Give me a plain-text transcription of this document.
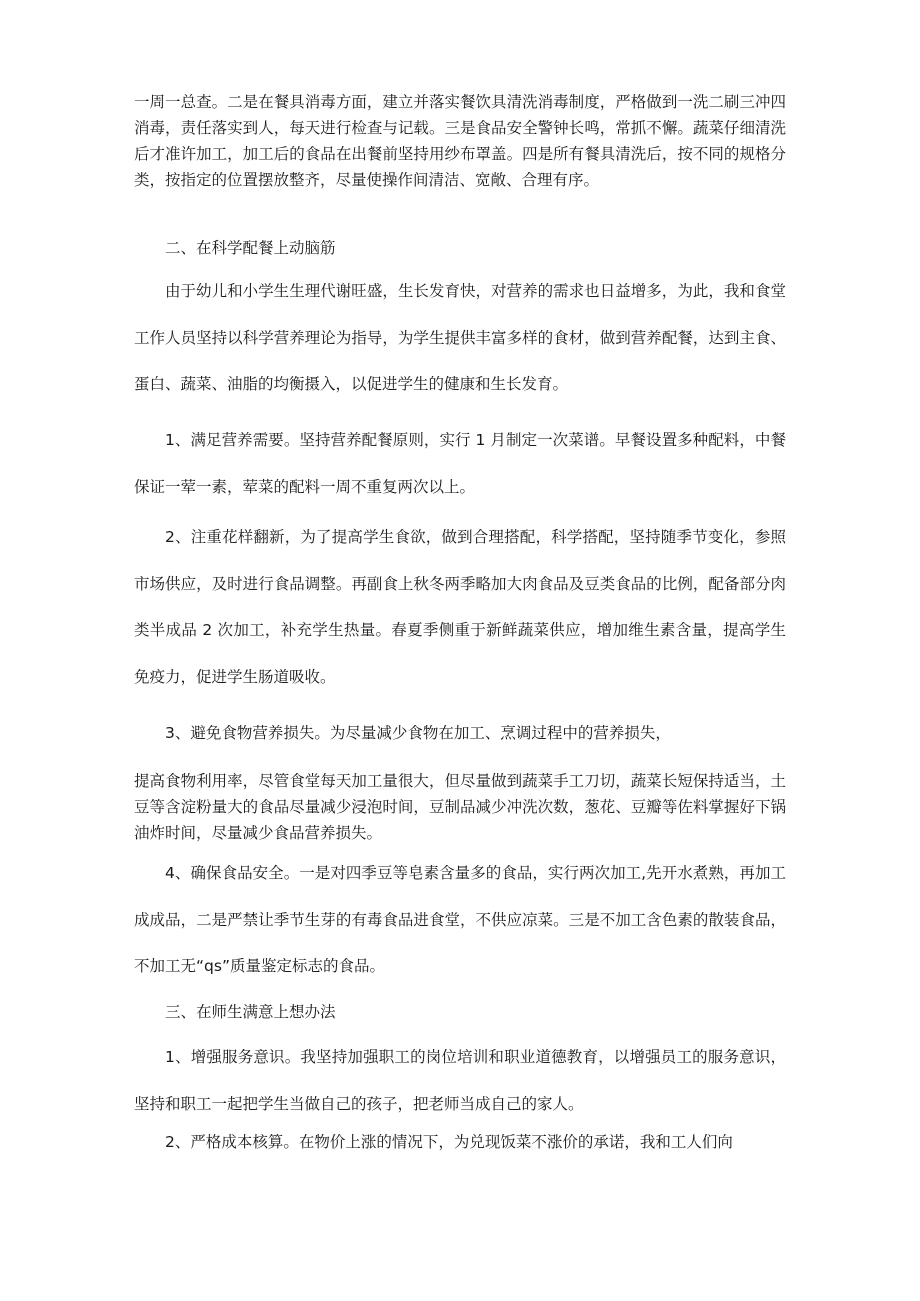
一周一总查。二是在餐具消毒方面，建立并落实餐饮具清洗消毒制度，严格做到一洗二刷三冲四消毒，责任落实到人，每天进行检查与记载。三是食品安全警钟长鸣，常抓不懈。蔬菜仔细清洗后才准许加工，加工后的食品在出餐前坚持用纱布罩盖。四是所有餐具清洗后，按不同的规格分类，按指定的位置摆放整齐，尽量使操作间清洁、宽敞、合理有序。

二、在科学配餐上动脑筋

由于幼儿和小学生生理代谢旺盛，生长发育快，对营养的需求也日益增多，为此，我和食堂工作人员坚持以科学营养理论为指导，为学生提供丰富多样的食材，做到营养配餐，达到主食、蛋白、蔬菜、油脂的均衡摄入，以促进学生的健康和生长发育。

1、满足营养需要。坚持营养配餐原则，实行 1 月制定一次菜谱。早餐设置多种配料，中餐保证一荤一素，荤菜的配料一周不重复两次以上。

2、注重花样翻新，为了提高学生食欲，做到合理搭配，科学搭配，坚持随季节变化，参照市场供应，及时进行食品调整。再副食上秋冬两季略加大肉食品及豆类食品的比例，配备部分肉类半成品 2 次加工，补充学生热量。春夏季侧重于新鲜蔬菜供应，增加维生素含量，提高学生免疫力，促进学生肠道吸收。

3、避免食物营养损失。为尽量减少食物在加工、烹调过程中的营养损失，

提高食物利用率，尽管食堂每天加工量很大，但尽量做到蔬菜手工刀切，蔬菜长短保持适当，土豆等含淀粉量大的食品尽量减少浸泡时间，豆制品减少冲洗次数，葱花、豆瓣等佐料掌握好下锅油炸时间，尽量减少食品营养损失。

4、确保食品安全。一是对四季豆等皂素含量多的食品，实行两次加工,先开水煮熟，再加工成成品，二是严禁让季节生芽的有毒食品进食堂，不供应凉菜。三是不加工含色素的散装食品，不加工无“qs”质量鉴定标志的食品。

三、在师生满意上想办法

1、增强服务意识。我坚持加强职工的岗位培训和职业道德教育，以增强员工的服务意识，坚持和职工一起把学生当做自己的孩子，把老师当成自己的家人。

2、严格成本核算。在物价上涨的情况下，为兑现饭菜不涨价的承诺，我和工人们向
